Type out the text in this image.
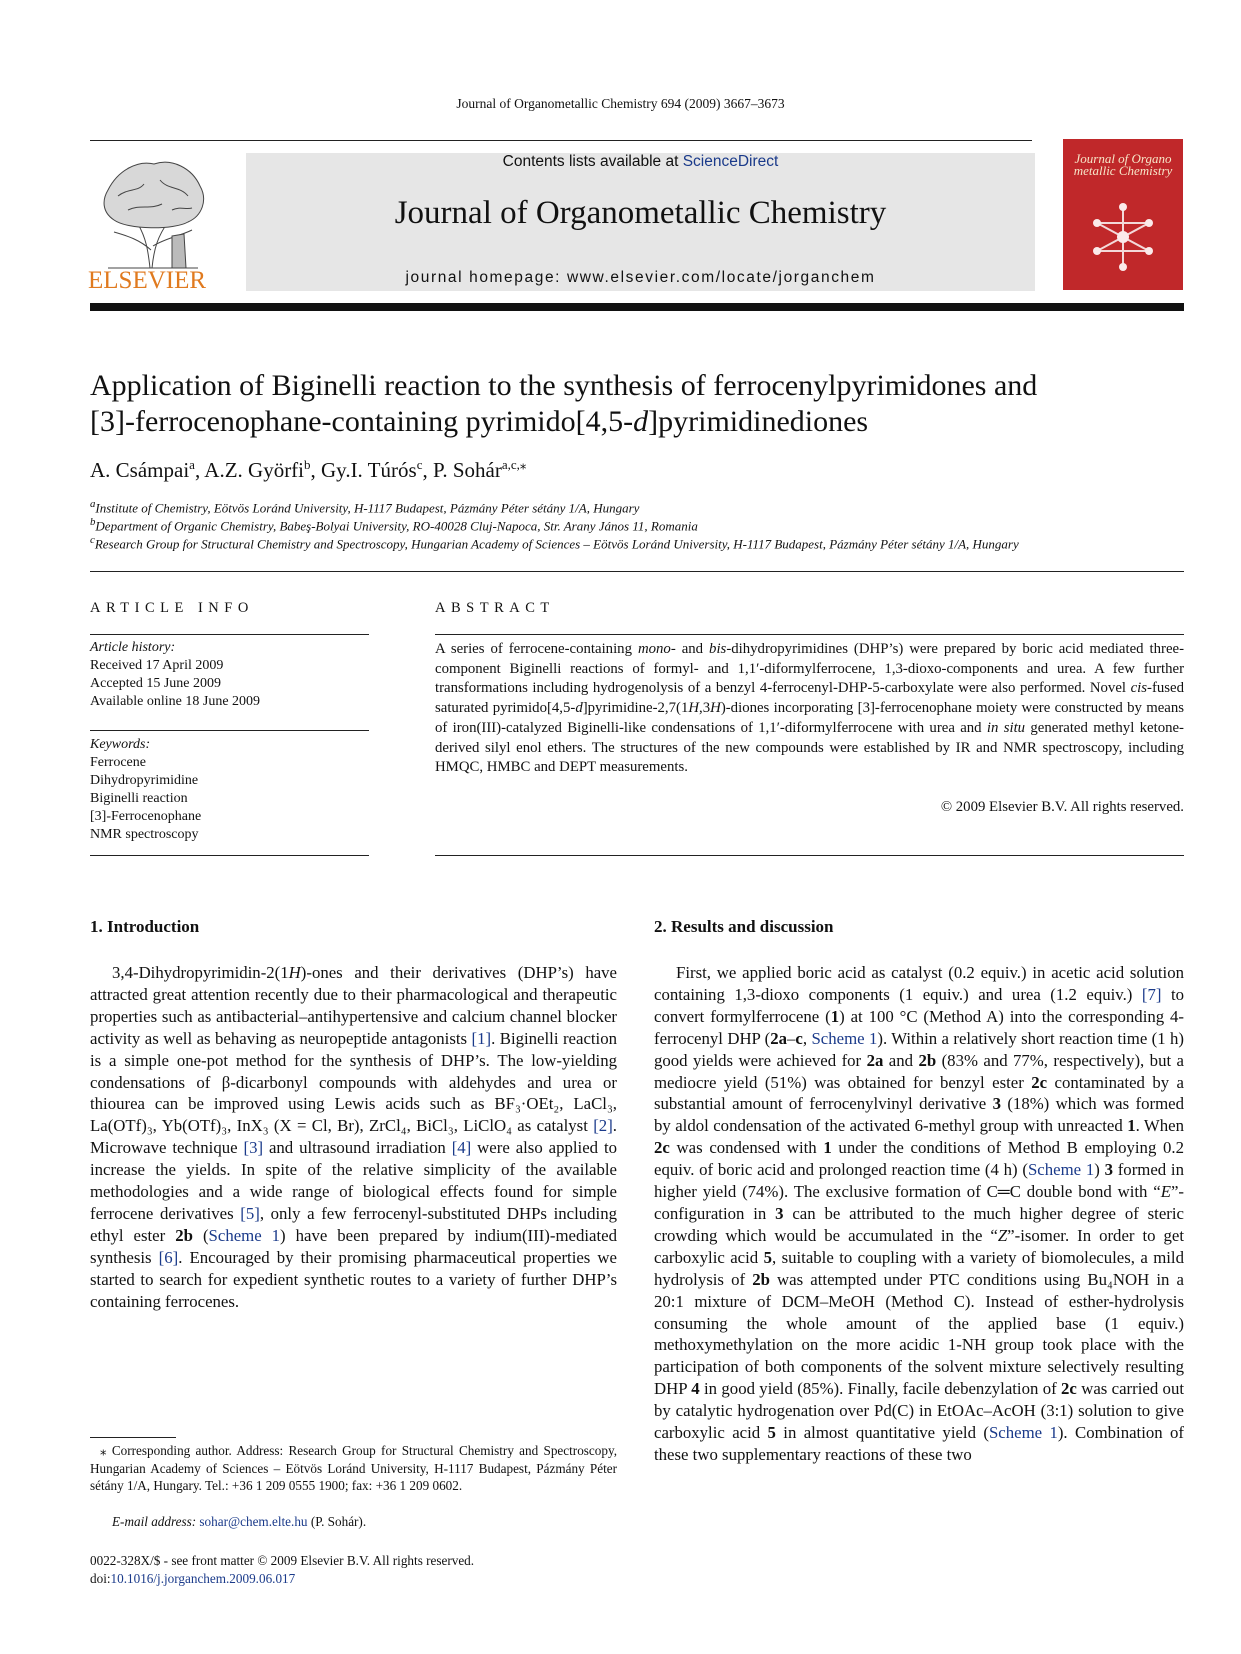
Journal of Organometallic Chemistry 694 (2009) 3667–3673
ELSEVIER
Contents lists available at ScienceDirect
Journal of Organometallic Chemistry
journal homepage: www.elsevier.com/locate/jorganchem
Journal of Organo metallic Chemistry
Application of Biginelli reaction to the synthesis of ferrocenylpyrimidones and
[3]-ferrocenophane-containing pyrimido[4,5-d]pyrimidinediones
A. Csámpai$^a$, A.Z. Györfi$^b$, Gy.I. Túrós$^c$, P. Sohár$^{a,c,⁎}$
$^a$Institute of Chemistry, Eötvös Loránd University, H-1117 Budapest, Pázmány Péter sétány 1/A, Hungary
$^b$Department of Organic Chemistry, Babeş-Bolyai University, RO-40028 Cluj-Napoca, Str. Arany János 11, Romania
$^c$Research Group for Structural Chemistry and Spectroscopy, Hungarian Academy of Sciences – Eötvös Loránd University, H-1117 Budapest, Pázmány Péter sétány 1/A, Hungary
ARTICLE INFO	ABSTRACT
Article history:
Received 17 April 2009
Accepted 15 June 2009
Available online 18 June 2009
Keywords:
Ferrocene
Dihydropyrimidine
Biginelli reaction
[3]-Ferrocenophane
NMR spectroscopy
A series of ferrocene-containing mono- and bis-dihydropyrimidines (DHP’s) were prepared by boric acid mediated three-component Biginelli reactions of formyl- and 1,1′-diformylferrocene, 1,3-dioxo-components and urea. A few further transformations including hydrogenolysis of a benzyl 4-ferrocenyl-DHP-5-carboxylate were also performed. Novel cis-fused saturated pyrimido[4,5-d]pyrimidine-2,7(1H,3H)-diones incorporating [3]-ferrocenophane moiety were constructed by means of iron(III)-catalyzed Biginelli-like condensations of 1,1′-diformylferrocene with urea and in situ generated methyl ketone-derived silyl enol ethers. The structures of the new compounds were established by IR and NMR spectroscopy, including HMQC, HMBC and DEPT measurements.
© 2009 Elsevier B.V. All rights reserved.
1. Introduction	2. Results and discussion
3,4-Dihydropyrimidin-2(1H)-ones and their derivatives (DHP’s) have attracted great attention recently due to their pharmacological and therapeutic properties such as antibacterial–antihypertensive and calcium channel blocker activity as well as behaving as neuropeptide antagonists [1]. Biginelli reaction is a simple one-pot method for the synthesis of DHP’s. The low-yielding condensations of β-dicarbonyl compounds with aldehydes and urea or thiourea can be improved using Lewis acids such as BF₃·OEt₂, LaCl₃, La(OTf)₃, Yb(OTf)₃, InX₃ (X = Cl, Br), ZrCl₄, BiCl₃, LiClO₄ as catalyst [2]. Microwave technique [3] and ultrasound irradiation [4] were also applied to increase the yields. In spite of the relative simplicity of the available methodologies and a wide range of biological effects found for simple ferrocene derivatives [5], only a few ferrocenyl-substituted DHPs including ethyl ester 2b (Scheme 1) have been prepared by indium(III)-mediated synthesis [6]. Encouraged by their promising pharmaceutical properties we started to search for expedient synthetic routes to a variety of further DHP’s containing ferrocenes.
First, we applied boric acid as catalyst (0.2 equiv.) in acetic acid solution containing 1,3-dioxo components (1 equiv.) and urea (1.2 equiv.) [7] to convert formylferrocene (1) at 100 °C (Method A) into the corresponding 4-ferrocenyl DHP (2a–c, Scheme 1). Within a relatively short reaction time (1 h) good yields were achieved for 2a and 2b (83% and 77%, respectively), but a mediocre yield (51%) was obtained for benzyl ester 2c contaminated by a substantial amount of ferrocenylvinyl derivative 3 (18%) which was formed by aldol condensation of the activated 6-methyl group with unreacted 1. When 2c was condensed with 1 under the conditions of Method B employing 0.2 equiv. of boric acid and prolonged reaction time (4 h) (Scheme 1) 3 formed in higher yield (74%). The exclusive formation of C═C double bond with “E”-configuration in 3 can be attributed to the much higher degree of steric crowding which would be accumulated in the “Z”-isomer. In order to get carboxylic acid 5, suitable to coupling with a variety of biomolecules, a mild hydrolysis of 2b was attempted under PTC conditions using Bu₄NOH in a 20:1 mixture of DCM–MeOH (Method C). Instead of esther-hydrolysis consuming the whole amount of the applied base (1 equiv.) methoxymethylation on the more acidic 1-NH group took place with the participation of both components of the solvent mixture selectively resulting DHP 4 in good yield (85%). Finally, facile debenzylation of 2c was carried out by catalytic hydrogenation over Pd(C) in EtOAc–AcOH (3:1) solution to give carboxylic acid 5 in almost quantitative yield (Scheme 1). Combination of these two supplementary reactions of these two
⁎ Corresponding author. Address: Research Group for Structural Chemistry and Spectroscopy, Hungarian Academy of Sciences – Eötvös Loránd University, H-1117 Budapest, Pázmány Péter sétány 1/A, Hungary. Tel.: +36 1 209 0555 1900; fax: +36 1 209 0602.
E-mail address: sohar@chem.elte.hu (P. Sohár).
0022-328X/$ - see front matter © 2009 Elsevier B.V. All rights reserved.
doi:10.1016/j.jorganchem.2009.06.017
